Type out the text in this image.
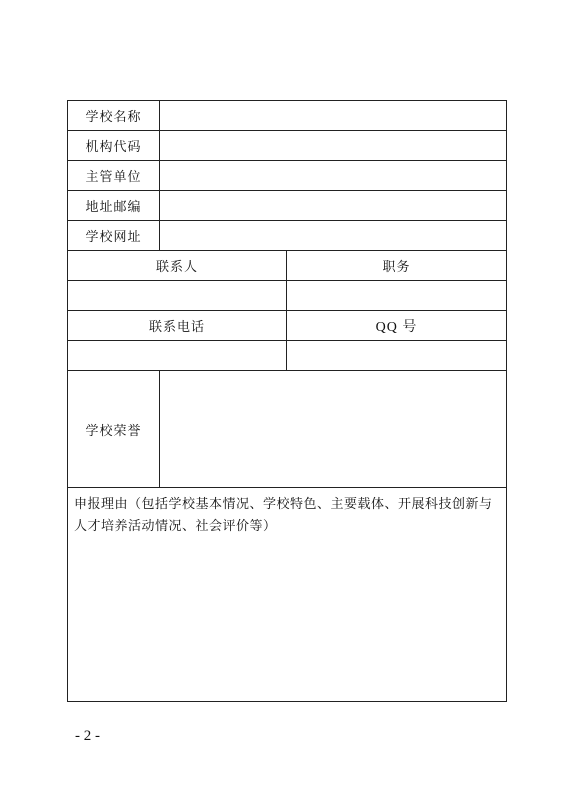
学校名称		
机构代码		
主管单位		
地址邮编		
学校网址		
联系人		职务

联系电话		QQ 号

学校荣誉		
申报理由（包括学校基本情况、学校特色、主要载体、开展科技创新与人才培养活动情况、社会评价等）		
- 2 -
